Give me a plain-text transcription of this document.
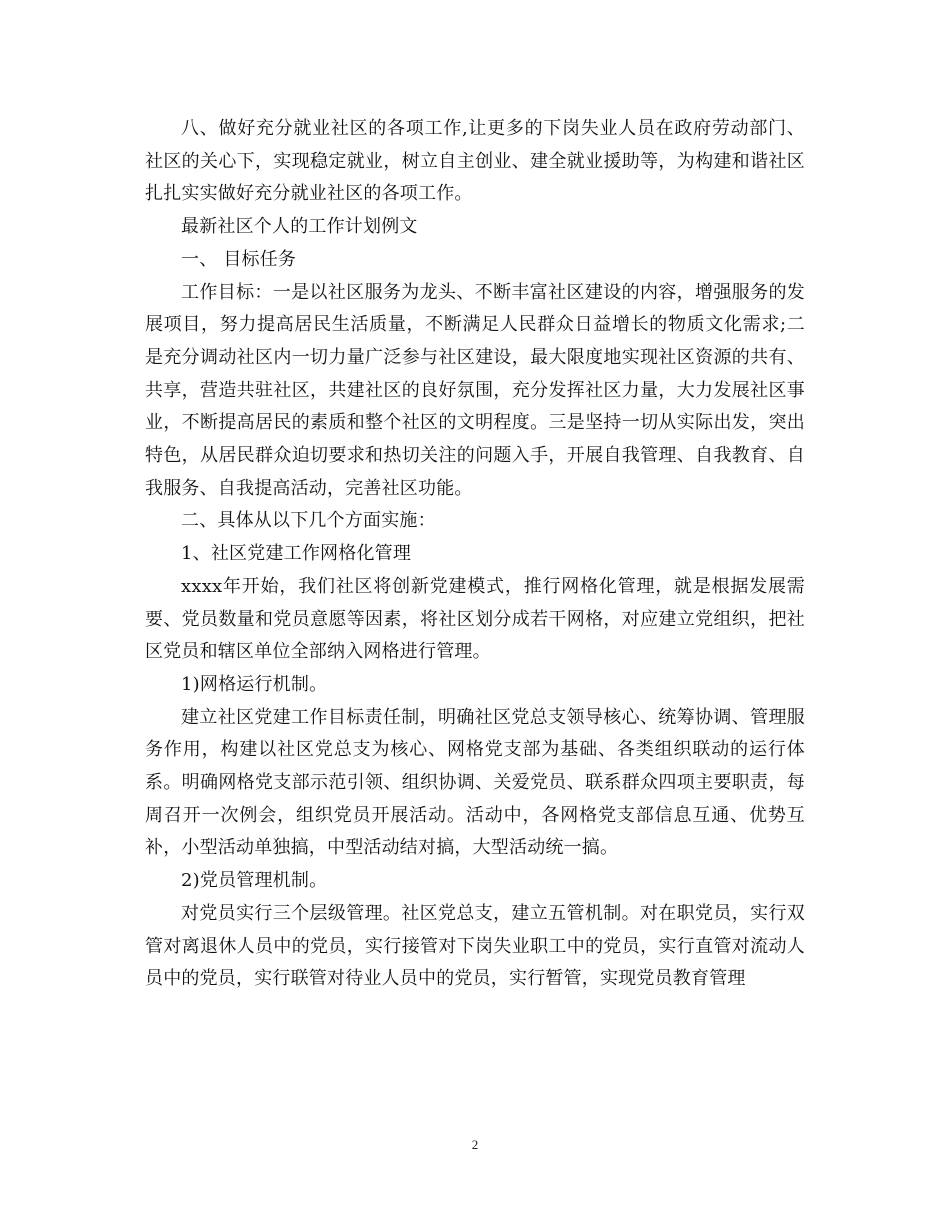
八、做好充分就业社区的各项工作,让更多的下岗失业人员在政府劳动部门、社区的关心下，实现稳定就业，树立自主创业、建全就业援助等，为构建和谐社区扎扎实实做好充分就业社区的各项工作。

最新社区个人的工作计划例文

一、 目标任务

工作目标：一是以社区服务为龙头、不断丰富社区建设的内容，增强服务的发展项目，努力提高居民生活质量，不断满足人民群众日益增长的物质文化需求;二是充分调动社区内一切力量广泛参与社区建设，最大限度地实现社区资源的共有、共享，营造共驻社区，共建社区的良好氛围，充分发挥社区力量，大力发展社区事业，不断提高居民的素质和整个社区的文明程度。三是坚持一切从实际出发，突出特色，从居民群众迫切要求和热切关注的问题入手，开展自我管理、自我教育、自我服务、自我提高活动，完善社区功能。

二、具体从以下几个方面实施：

1、社区党建工作网格化管理

xxxx年开始，我们社区将创新党建模式，推行网格化管理，就是根据发展需要、党员数量和党员意愿等因素，将社区划分成若干网格，对应建立党组织，把社区党员和辖区单位全部纳入网格进行管理。

1)网格运行机制。

建立社区党建工作目标责任制，明确社区党总支领导核心、统筹协调、管理服务作用，构建以社区党总支为核心、网格党支部为基础、各类组织联动的运行体系。明确网格党支部示范引领、组织协调、关爱党员、联系群众四项主要职责，每周召开一次例会，组织党员开展活动。活动中，各网格党支部信息互通、优势互补，小型活动单独搞，中型活动结对搞，大型活动统一搞。

2)党员管理机制。

对党员实行三个层级管理。社区党总支，建立五管机制。对在职党员，实行双管对离退休人员中的党员，实行接管对下岗失业职工中的党员，实行直管对流动人员中的党员，实行联管对待业人员中的党员，实行暂管，实现党员教育管理

2
